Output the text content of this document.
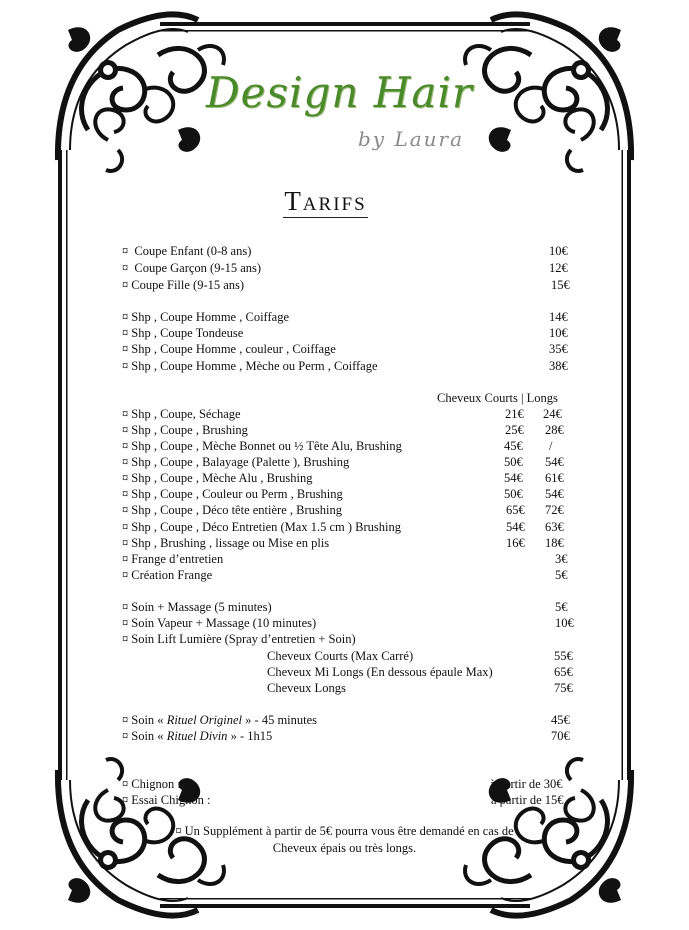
Design Hair
by Laura
Tarifs
¤ Coupe Enfant (0-8 ans)	10€
¤ Coupe Garçon (9-15 ans)	12€
¤ Coupe Fille (9-15 ans)	15€
¤ Shp , Coupe Homme , Coiffage	14€
¤ Shp , Coupe Tondeuse	10€
¤ Shp , Coupe Homme , couleur , Coiffage	35€
¤ Shp , Coupe Homme , Mèche ou Perm , Coiffage	38€
Cheveux Courts | Longs
¤ Shp , Coupe, Séchage	21€ 24€
¤ Shp , Coupe , Brushing	25€ 28€
¤ Shp , Coupe , Mèche Bonnet ou ½ Tête Alu, Brushing	45€ /
¤ Shp , Coupe , Balayage (Palette ), Brushing	50€ 54€
¤ Shp , Coupe , Mèche Alu , Brushing	54€ 61€
¤ Shp , Coupe , Couleur ou Perm , Brushing	50€ 54€
¤ Shp , Coupe , Déco tête entière , Brushing	65€ 72€
¤ Shp , Coupe , Déco Entretien (Max 1.5 cm ) Brushing	54€ 63€
¤ Shp , Brushing , lissage ou Mise en plis	16€ 18€
¤ Frange d’entretien	3€
¤ Création Frange	5€
¤ Soin + Massage (5 minutes)	5€
¤ Soin Vapeur + Massage (10 minutes)	10€
¤ Soin Lift Lumière (Spray d’entretien + Soin)
Cheveux Courts (Max Carré)	55€
Cheveux Mi Longs (En dessous épaule Max)	65€
Cheveux Longs	75€
¤ Soin « Rituel Originel » - 45 minutes	45€
¤ Soin « Rituel Divin » - 1h15	70€
¤ Chignon :	à partir de 30€
¤ Essai Chignon :	à partir de 15€
¤ Un Supplément à partir de 5€ pourra vous être demandé en cas de
Cheveux épais ou très longs.
